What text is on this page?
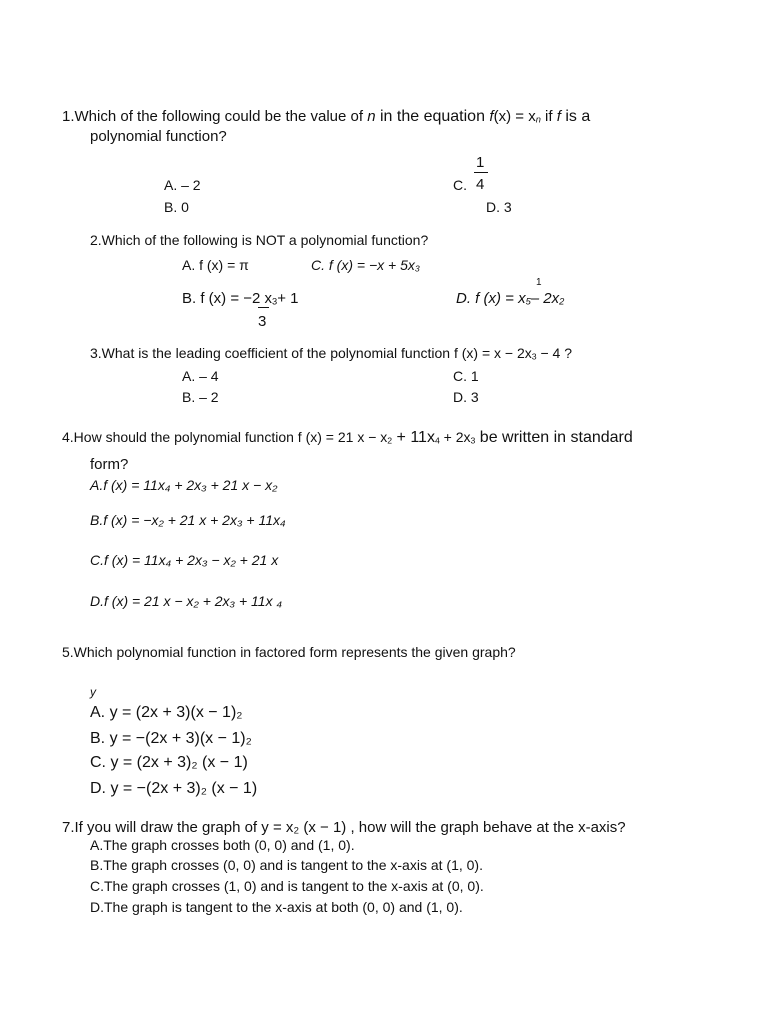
1.Which of the following could be the value of n in the equation $f(x) = x_n$ if f is a
polynomial function?
1
A. – 2	C. 4
B. 0	D. 3
2.Which of the following is NOT a polynomial function?
A. f (x) = π	C. f $(x) = -x + 5x_3$
1
B. f (x) = −2 $x_3+ 1$	D. f $(x) = x_5-$ $2x_2$
3
3.What is the leading coefficient of the polynomial function f $(x) = x - 2x_3 - 4$ ?
A. – 4	C. 1
B. – 2	D. 3
4.How should the polynomial function f (x) = 21 $x - x_2 + 11x_4 + 2x_3$ be written in standard
form?
A.f (x) = 11x₄ + 2x₃ + 21 x − x₂
B.f (x) = −x₂ + 21 x + 2x₃ + 11x₄
C.f (x) = 11x₄ + 2x₃ − x₂ + 21 x
D.f (x) = 21 x − x₂ + 2x₃ + 11x ₄
5.Which polynomial function in factored form represents the given graph?
y
A. y = (2x + 3)(x − 1)₂
B. y = −(2x + 3)(x − 1)₂
C. y = (2x + 3)₂ (x − 1)
D. y = −(2x + 3)₂ (x − 1)
7.If you will draw the graph of y = x₂ (x − 1) , how will the graph behave at the x-axis?
A.The graph crosses both (0, 0) and (1, 0).
B.The graph crosses (0, 0) and is tangent to the x-axis at (1, 0).
C.The graph crosses (1, 0) and is tangent to the x-axis at (0, 0).
D.The graph is tangent to the x-axis at both (0, 0) and (1, 0).
